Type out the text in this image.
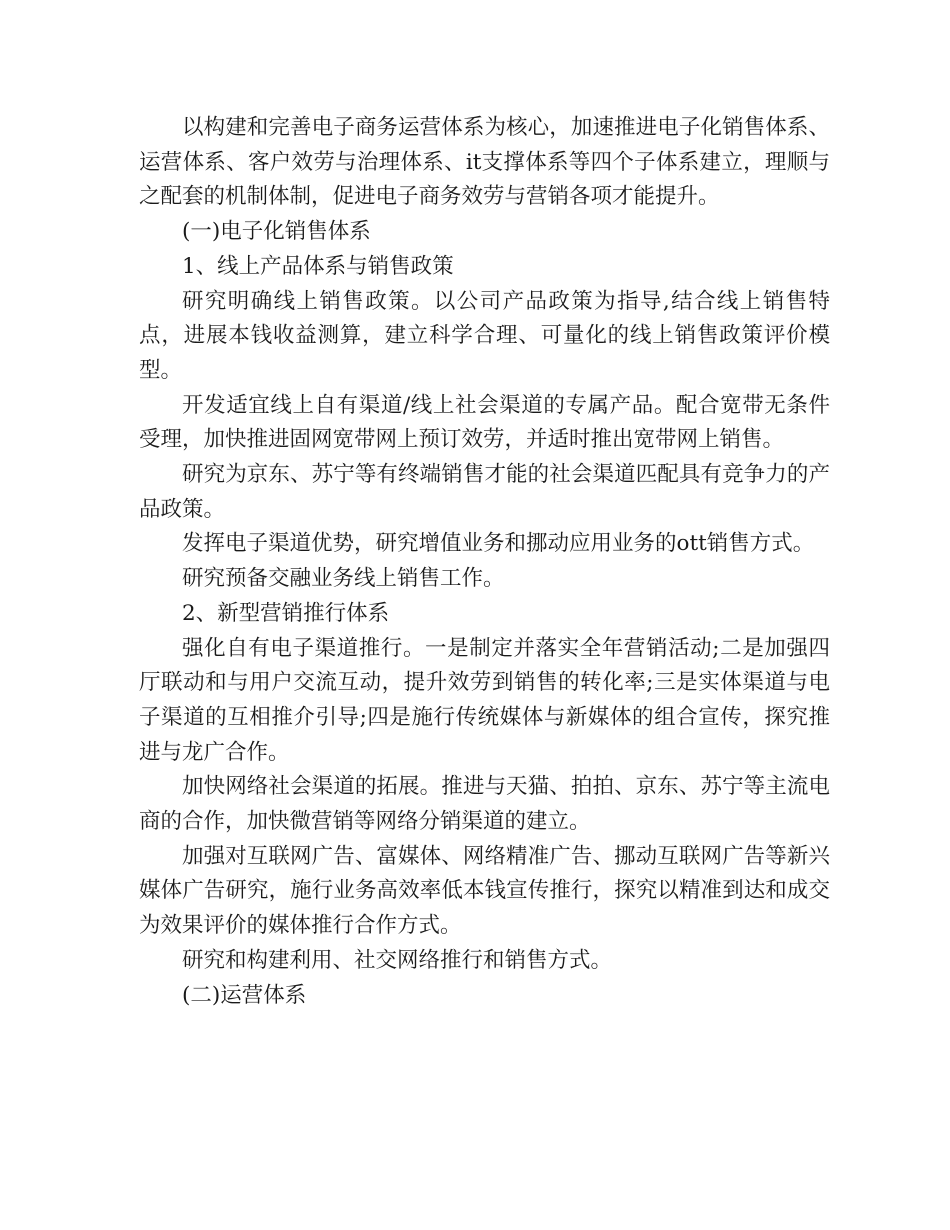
以构建和完善电子商务运营体系为核心，加速推进电子化销售体系、运营体系、客户效劳与治理体系、it支撑体系等四个子体系建立，理顺与之配套的机制体制，促进电子商务效劳与营销各项才能提升。

(一)电子化销售体系

1、线上产品体系与销售政策

研究明确线上销售政策。以公司产品政策为指导,结合线上销售特点，进展本钱收益测算，建立科学合理、可量化的线上销售政策评价模型。

开发适宜线上自有渠道/线上社会渠道的专属产品。配合宽带无条件受理，加快推进固网宽带网上预订效劳，并适时推出宽带网上销售。

研究为京东、苏宁等有终端销售才能的社会渠道匹配具有竞争力的产品政策。

发挥电子渠道优势，研究增值业务和挪动应用业务的ott销售方式。

研究预备交融业务线上销售工作。

2、新型营销推行体系

强化自有电子渠道推行。一是制定并落实全年营销活动;二是加强四厅联动和与用户交流互动，提升效劳到销售的转化率;三是实体渠道与电子渠道的互相推介引导;四是施行传统媒体与新媒体的组合宣传，探究推进与龙广合作。

加快网络社会渠道的拓展。推进与天猫、拍拍、京东、苏宁等主流电商的合作，加快微营销等网络分销渠道的建立。

加强对互联网广告、富媒体、网络精准广告、挪动互联网广告等新兴媒体广告研究，施行业务高效率低本钱宣传推行，探究以精准到达和成交为效果评价的媒体推行合作方式。

研究和构建利用、社交网络推行和销售方式。

(二)运营体系
